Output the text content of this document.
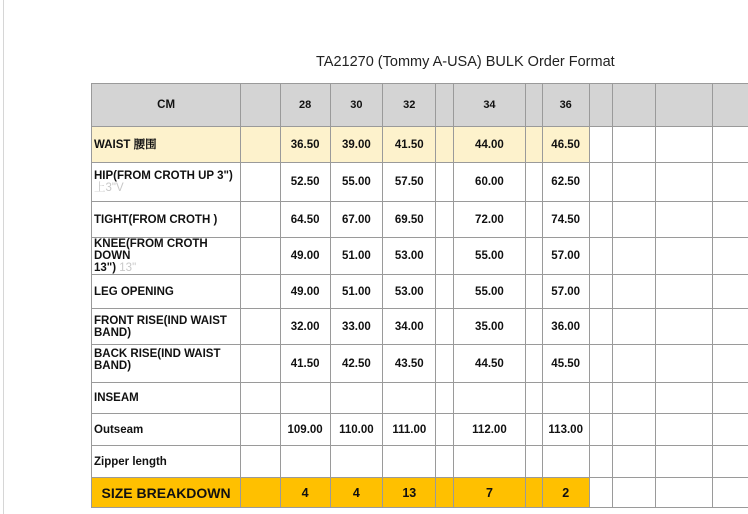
TA21270 (Tommy A-USA) BULK Order Format
CM		28	30	32		34		36				
WAIST 腰围		36.50	39.00	41.50		44.00		46.50				
HIP(FROM CROTH UP 3")
上3"V		52.50	55.00	57.50		60.00		62.50				
TIGHT(FROM CROTH )		64.50	67.00	69.50		72.00		74.50				
KNEE(FROM CROTH DOWN
13") 13"		49.00	51.00	53.00		55.00		57.00				
LEG OPENING		49.00	51.00	53.00		55.00		57.00				
FRONT RISE(IND WAIST
BAND)		32.00	33.00	34.00		35.00		36.00				
BACK RISE(IND WAIST BAND)		41.50	42.50	43.50		44.50		45.50				
INSEAM												
Outseam		109.00	110.00	111.00		112.00		113.00				
Zipper length												
SIZE BREAKDOWN		4	4	13		7		2				
